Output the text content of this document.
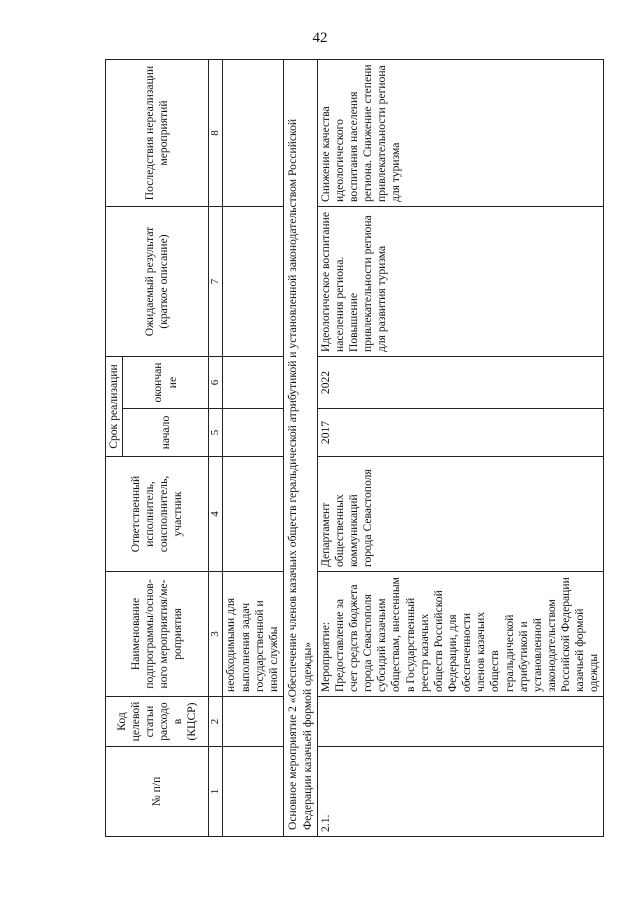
42
№ п/п	Код целевой статьи расходов (КЦСР)	Наименование подпрограммы/основ-ного мероприятия/ме-роприятия	Ответственный исполнитель, соисполнитель, участник	Срок реализации		Ожидаемый результат (краткое описание)	Последствия нереализации мероприятий
				начало	окончание		
1	2	3	4	5	6	7	8
		необходимыми для выполнения задач государственной и иной службы					
Основное мероприятие 2 «Обеспечение членов казачьих обществ геральдической атрибутикой и установленной законодательством Российской Федерации казачьей формой одежды»							
2.1.		Мероприятие: Предоставление за счет средств бюджета города Севастополя субсидий казачьим обществам, внесенным в Государственный реестр казачьих обществ Российской Федерации, для обеспеченности членов казачьих обществ геральдической атрибутикой и установленной законодательством Российской Федерации казачьей формой одежды	Департамент общественных коммуникаций города Севастополя	2017	2022	Идеологическое воспитание населения региона. Повышение привлекательности региона для развития туризма	Снижение качества идеологического воспитания населения региона. Снижение степени привлекательности региона для туризма
